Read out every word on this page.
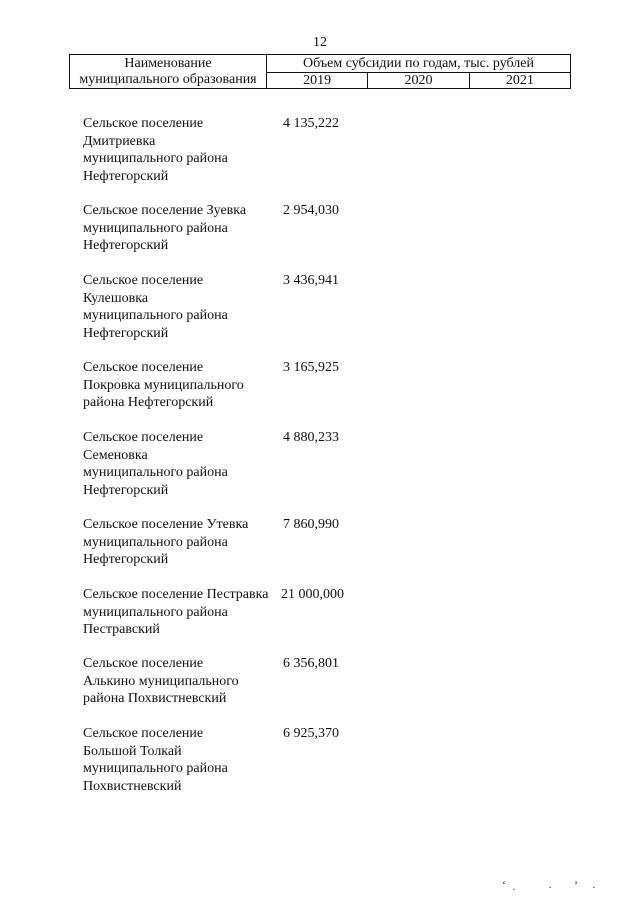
12
Наименование муниципального образования	Объем субсидии по годам, тыс. рублей		
	2019	2020	2021
Сельское поселение Дмитриевка муниципального района Нефтегорский
4 135,222
Сельское поселение Зуевка муниципального района Нефтегорский
2 954,030
Сельское поселение Кулешовка муниципального района Нефтегорский
3 436,941
Сельское поселение Покровка муниципального района Нефтегорский
3 165,925
Сельское поселение Семеновка муниципального района Нефтегорский
4 880,233
Сельское поселение Утевка муниципального района Нефтегорский
7 860,990
Сельское поселение Пестравка муниципального района Пестравский
21 000,000
Сельское поселение Алькино муниципального района Похвистневский
6 356,801
Сельское поселение Большой Толкай муниципального района Похвистневский
6 925,370
‘ ·	· ’ ·
